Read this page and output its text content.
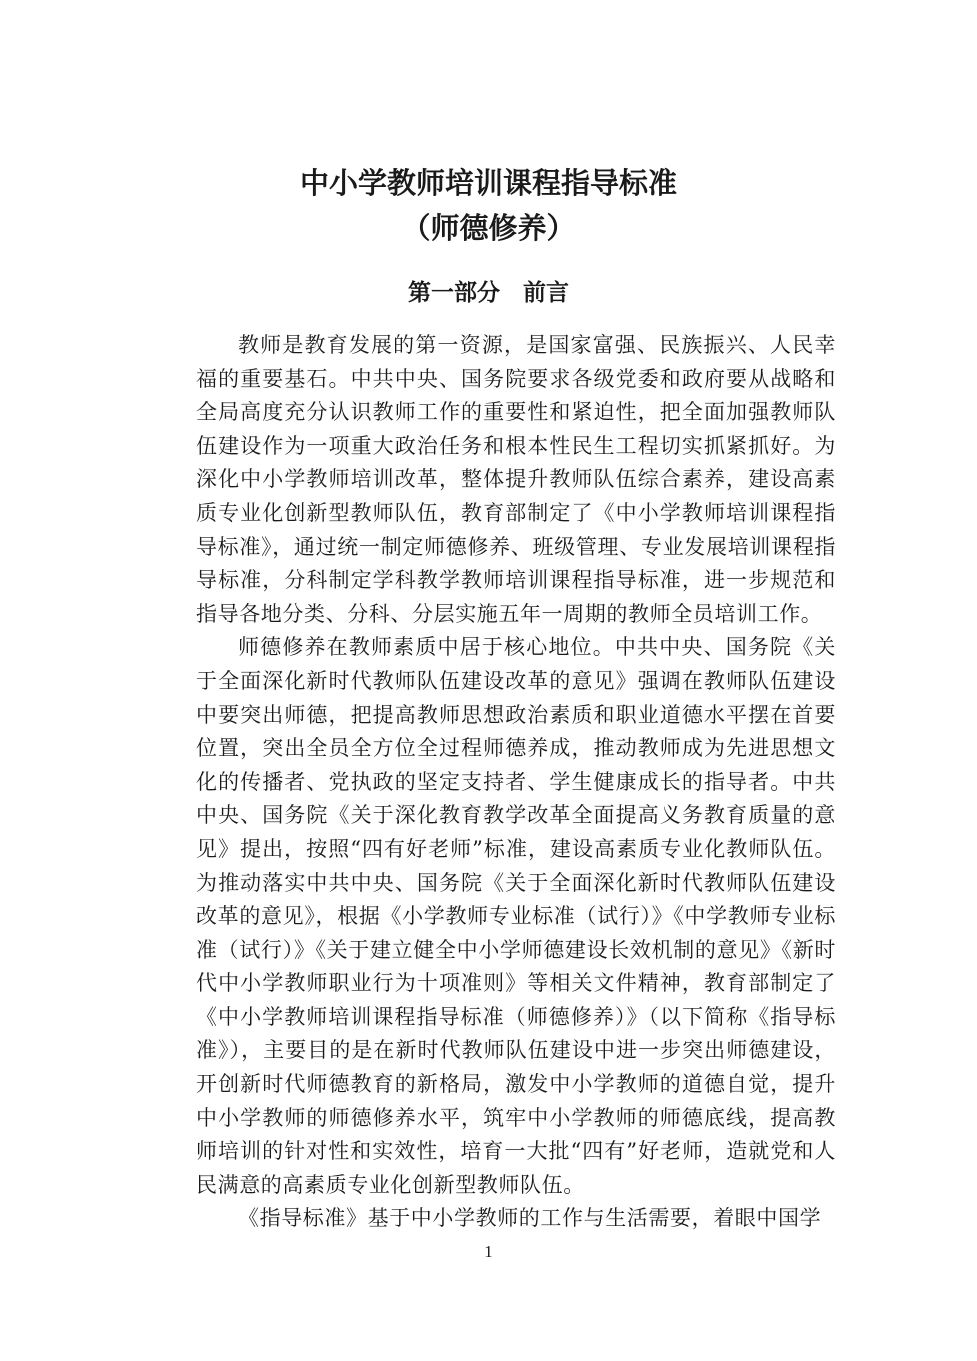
中小学教师培训课程指导标准
（师德修养）
第一部分　前言

教师是教育发展的第一资源，是国家富强、民族振兴、人民幸福的重要基石。中共中央、国务院要求各级党委和政府要从战略和全局高度充分认识教师工作的重要性和紧迫性，把全面加强教师队伍建设作为一项重大政治任务和根本性民生工程切实抓紧抓好。为深化中小学教师培训改革，整体提升教师队伍综合素养，建设高素质专业化创新型教师队伍，教育部制定了《中小学教师培训课程指导标准》，通过统一制定师德修养、班级管理、专业发展培训课程指导标准，分科制定学科教学教师培训课程指导标准，进一步规范和指导各地分类、分科、分层实施五年一周期的教师全员培训工作。

师德修养在教师素质中居于核心地位。中共中央、国务院《关于全面深化新时代教师队伍建设改革的意见》强调在教师队伍建设中要突出师德，把提高教师思想政治素质和职业道德水平摆在首要位置，突出全员全方位全过程师德养成，推动教师成为先进思想文化的传播者、党执政的坚定支持者、学生健康成长的指导者。中共中央、国务院《关于深化教育教学改革全面提高义务教育质量的意见》提出，按照“四有好老师”标准，建设高素质专业化教师队伍。为推动落实中共中央、国务院《关于全面深化新时代教师队伍建设改革的意见》，根据《小学教师专业标准（试行）》《中学教师专业标准（试行）》《关于建立健全中小学师德建设长效机制的意见》《新时代中小学教师职业行为十项准则》等相关文件精神，教育部制定了《中小学教师培训课程指导标准（师德修养）》（以下简称《指导标准》），主要目的是在新时代教师队伍建设中进一步突出师德建设，开创新时代师德教育的新格局，激发中小学教师的道德自觉，提升中小学教师的师德修养水平，筑牢中小学教师的师德底线，提高教师培训的针对性和实效性，培育一大批“四有”好老师，造就党和人民满意的高素质专业化创新型教师队伍。

《指导标准》基于中小学教师的工作与生活需要，着眼中国学

1
